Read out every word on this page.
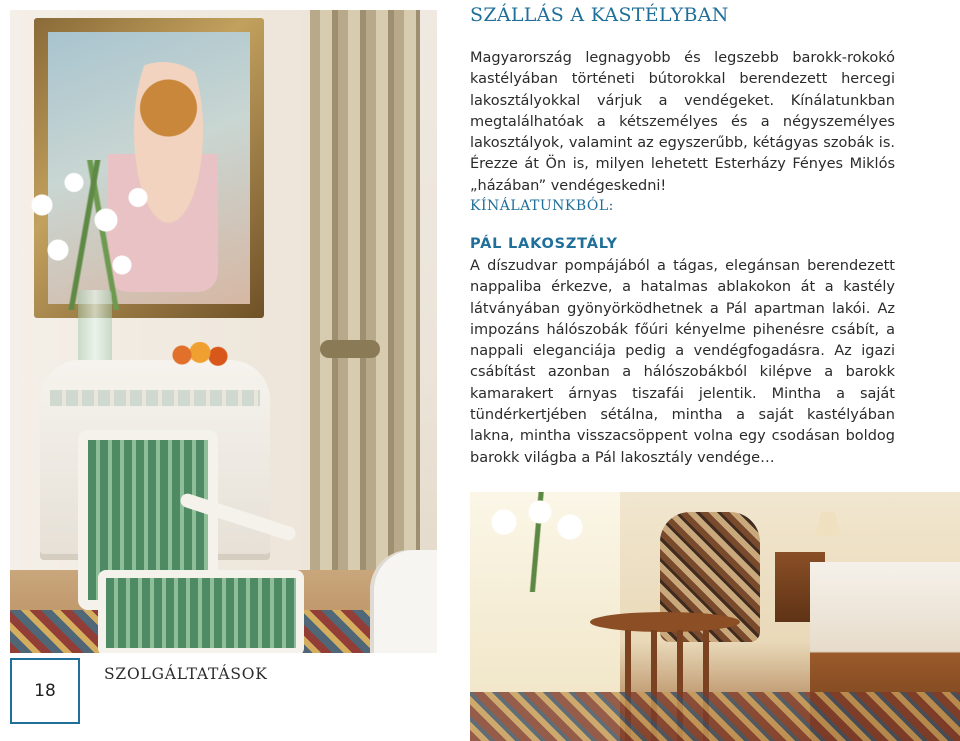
SZÁLLÁS A KASTÉLYBAN
Magyarország legnagyobb és legszebb barokk-rokokó kastélyában történeti bútorokkal berendezett hercegi lakosztályokkal várjuk a vendégeket. Kínálatunkban megtalálhatóak a kétszemélyes és a négyszemélyes lakosztályok, valamint az egyszerűbb, kétágyas szobák is. Érezze át Ön is, milyen lehetett Esterházy Fényes Miklós „házában” vendégeskedni!
KÍNÁLATUNKBÓL:
PÁL LAKOSZTÁLY
A díszudvar pompájából a tágas, elegánsan berendezett nappaliba érkezve, a hatalmas ablakokon át a kastély látványában gyönyörködhetnek a Pál apartman lakói. Az impozáns hálószobák főúri kényelme pihenésre csábít, a nappali eleganciája pedig a vendégfogadásra. Az igazi csábítást azonban a hálószobákból kilépve a barokk kamarakert árnyas tiszafái jelentik. Mintha a saját tündérkertjében sétálna, mintha a saját kastélyában lakna, mintha visszacsöppent volna egy csodásan boldog barokk világba a Pál lakosztály vendége…
18
SZOLGÁLTATÁSOK
